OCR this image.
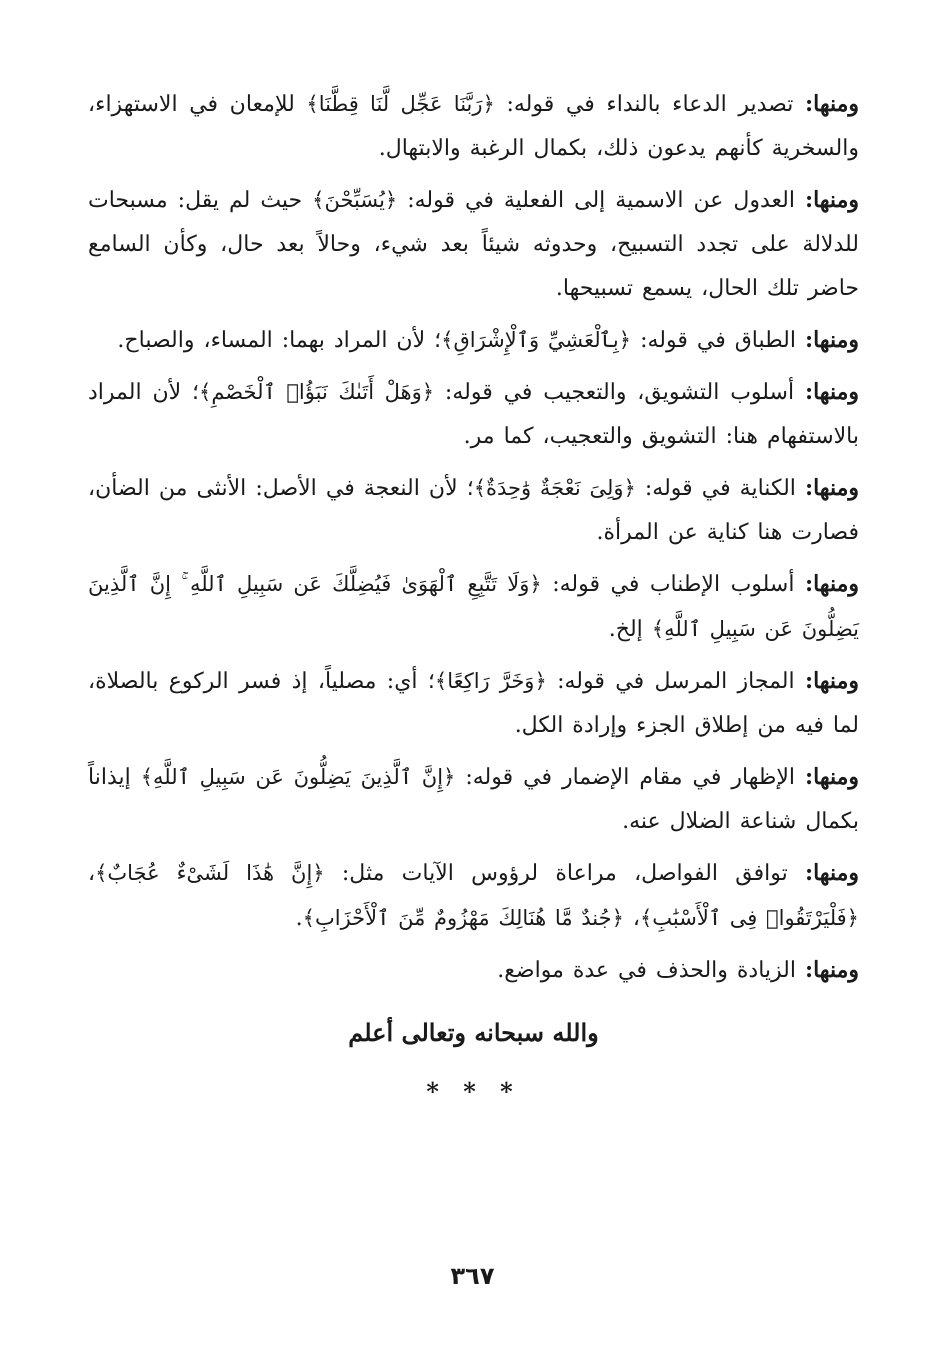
ومنها: تصدير الدعاء بالنداء في قوله: ﴿رَبَّنَا عَجِّل لَّنَا قِطَّنَا﴾ للإمعان في الاستهزاء، والسخرية كأنهم يدعون ذلك، بكمال الرغبة والابتهال.

ومنها: العدول عن الاسمية إلى الفعلية في قوله: ﴿يُسَبِّحْنَ﴾ حيث لم يقل: مسبحات للدلالة على تجدد التسبيح، وحدوثه شيئاً بعد شيء، وحالاً بعد حال، وكأن السامع حاضر تلك الحال، يسمع تسبيحها.

ومنها: الطباق في قوله: ﴿بِٱلْعَشِيِّ وَٱلْإِشْرَاقِ﴾؛ لأن المراد بهما: المساء، والصباح.

ومنها: أسلوب التشويق، والتعجيب في قوله: ﴿وَهَلْ أَتَىٰكَ نَبَؤُا۟ ٱلْخَصْمِ﴾؛ لأن المراد بالاستفهام هنا: التشويق والتعجيب، كما مر.

ومنها: الكناية في قوله: ﴿وَلِىَ نَعْجَةٌ وَٰحِدَةٌ﴾؛ لأن النعجة في الأصل: الأنثى من الضأن، فصارت هنا كناية عن المرأة.

ومنها: أسلوب الإطناب في قوله: ﴿وَلَا تَتَّبِعِ ٱلْهَوَىٰ فَيُضِلَّكَ عَن سَبِيلِ ٱللَّهِ ۚ إِنَّ ٱلَّذِينَ يَضِلُّونَ عَن سَبِيلِ ٱللَّهِ﴾ إلخ.

ومنها: المجاز المرسل في قوله: ﴿وَخَرَّ رَاكِعًا﴾؛ أي: مصلياً، إذ فسر الركوع بالصلاة، لما فيه من إطلاق الجزء وإرادة الكل.

ومنها: الإظهار في مقام الإضمار في قوله: ﴿إِنَّ ٱلَّذِينَ يَضِلُّونَ عَن سَبِيلِ ٱللَّهِ﴾ إيذاناً بكمال شناعة الضلال عنه.

ومنها: توافق الفواصل، مراعاة لرؤوس الآيات مثل: ﴿إِنَّ هَٰذَا لَشَىْءٌ عُجَابٌ﴾، ﴿فَلْيَرْتَقُوا۟ فِى ٱلْأَسْبَٰبِ﴾، ﴿جُندٌ مَّا هُنَالِكَ مَهْزُومٌ مِّنَ ٱلْأَحْزَابِ﴾.

ومنها: الزيادة والحذف في عدة مواضع.

والله سبحانه وتعالى أعلم
* * *
٣٦٧
